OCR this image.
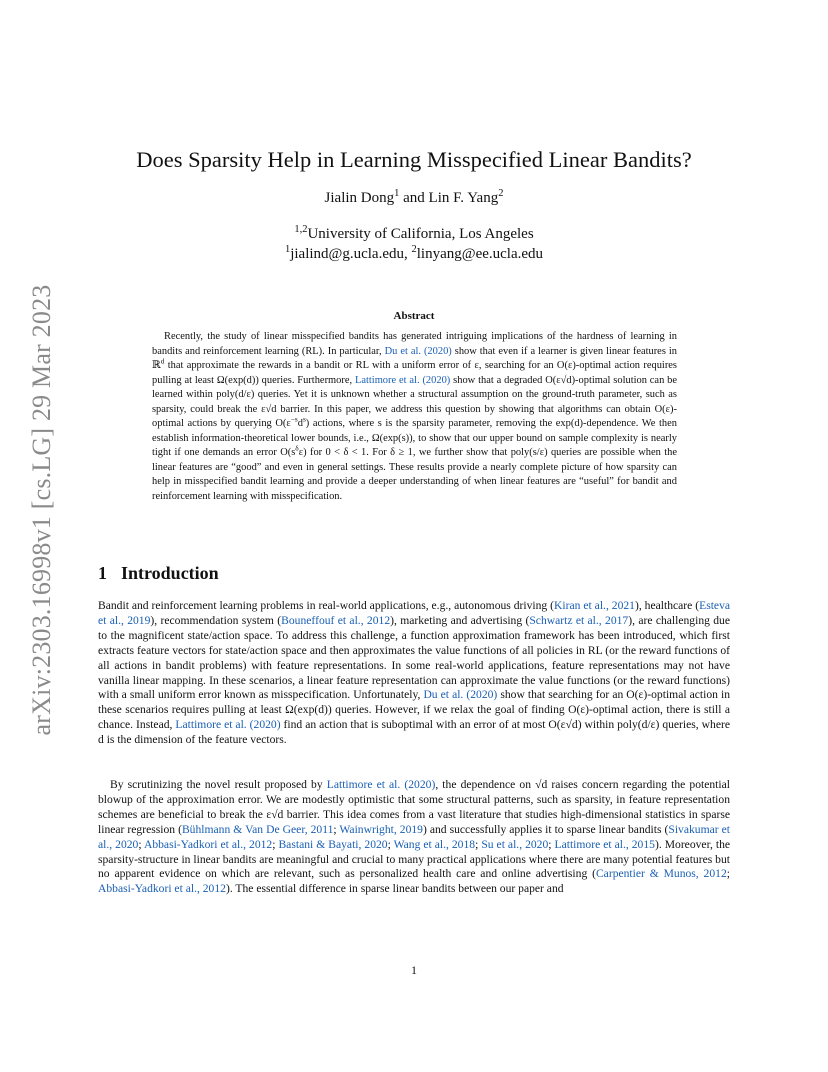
arXiv:2303.16998v1 [cs.LG] 29 Mar 2023
Does Sparsity Help in Learning Misspecified Linear Bandits?
Jialin Dong$^1$ and Lin F. Yang$^2$
$^{1,2}$University of California, Los Angeles
$^1$jialind@g.ucla.edu, $^2$linyang@ee.ucla.edu
Abstract

Recently, the study of linear misspecified bandits has generated intriguing implications of the hardness of learning in bandits and reinforcement learning (RL). In particular, Du et al. (2020) show that even if a learner is given linear features in ℝ$^d$ that approximate the rewards in a bandit or RL with a uniform error of ε, searching for an O(ε)-optimal action requires pulling at least Ω(exp(d)) queries. Furthermore, Lattimore et al. (2020) show that a degraded O(ε√d)-optimal solution can be learned within poly(d/ε) queries. Yet it is unknown whether a structural assumption on the ground-truth parameter, such as sparsity, could break the ε√d barrier. In this paper, we address this question by showing that algorithms can obtain O(ε)-optimal actions by querying $O(\varepsilon^{-s}d^s)$ actions, where s is the sparsity parameter, removing the exp(d)-dependence. We then establish information-theoretical lower bounds, i.e., Ω(exp(s)), to show that our upper bound on sample complexity is nearly tight if one demands an error $O(s^\delta\varepsilon)$ for 0 < δ < 1. For δ ≥ 1, we further show that poly(s/ε) queries are possible when the linear features are “good” and even in general settings. These results provide a nearly complete picture of how sparsity can help in misspecified bandit learning and provide a deeper understanding of when linear features are “useful” for bandit and reinforcement learning with misspecification.

1 Introduction

Bandit and reinforcement learning problems in real-world applications, e.g., autonomous driving (Kiran et al., 2021), healthcare (Esteva et al., 2019), recommendation system (Bouneffouf et al., 2012), marketing and advertising (Schwartz et al., 2017), are challenging due to the magnificent state/action space. To address this challenge, a function approximation framework has been introduced, which first extracts feature vectors for state/action space and then approximates the value functions of all policies in RL (or the reward functions of all actions in bandit problems) with feature representations. In some real-world applications, feature representations may not have vanilla linear mapping. In these scenarios, a linear feature representation can approximate the value functions (or the reward functions) with a small uniform error known as misspecification. Unfortunately, Du et al. (2020) show that searching for an O(ε)-optimal action in these scenarios requires pulling at least Ω(exp(d)) queries. However, if we relax the goal of finding O(ε)-optimal action, there is still a chance. Instead, Lattimore et al. (2020) find an action that is suboptimal with an error of at most O(ε√d) within poly(d/ε) queries, where d is the dimension of the feature vectors.

By scrutinizing the novel result proposed by Lattimore et al. (2020), the dependence on √d raises concern regarding the potential blowup of the approximation error. We are modestly optimistic that some structural patterns, such as sparsity, in feature representation schemes are beneficial to break the ε√d barrier. This idea comes from a vast literature that studies high-dimensional statistics in sparse linear regression (Bühlmann & Van De Geer, 2011; Wainwright, 2019) and successfully applies it to sparse linear bandits (Sivakumar et al., 2020; Abbasi-Yadkori et al., 2012; Bastani & Bayati, 2020; Wang et al., 2018; Su et al., 2020; Lattimore et al., 2015). Moreover, the sparsity-structure in linear bandits are meaningful and crucial to many practical applications where there are many potential features but no apparent evidence on which are relevant, such as personalized health care and online advertising (Carpentier & Munos, 2012; Abbasi-Yadkori et al., 2012). The essential difference in sparse linear bandits between our paper and

1
